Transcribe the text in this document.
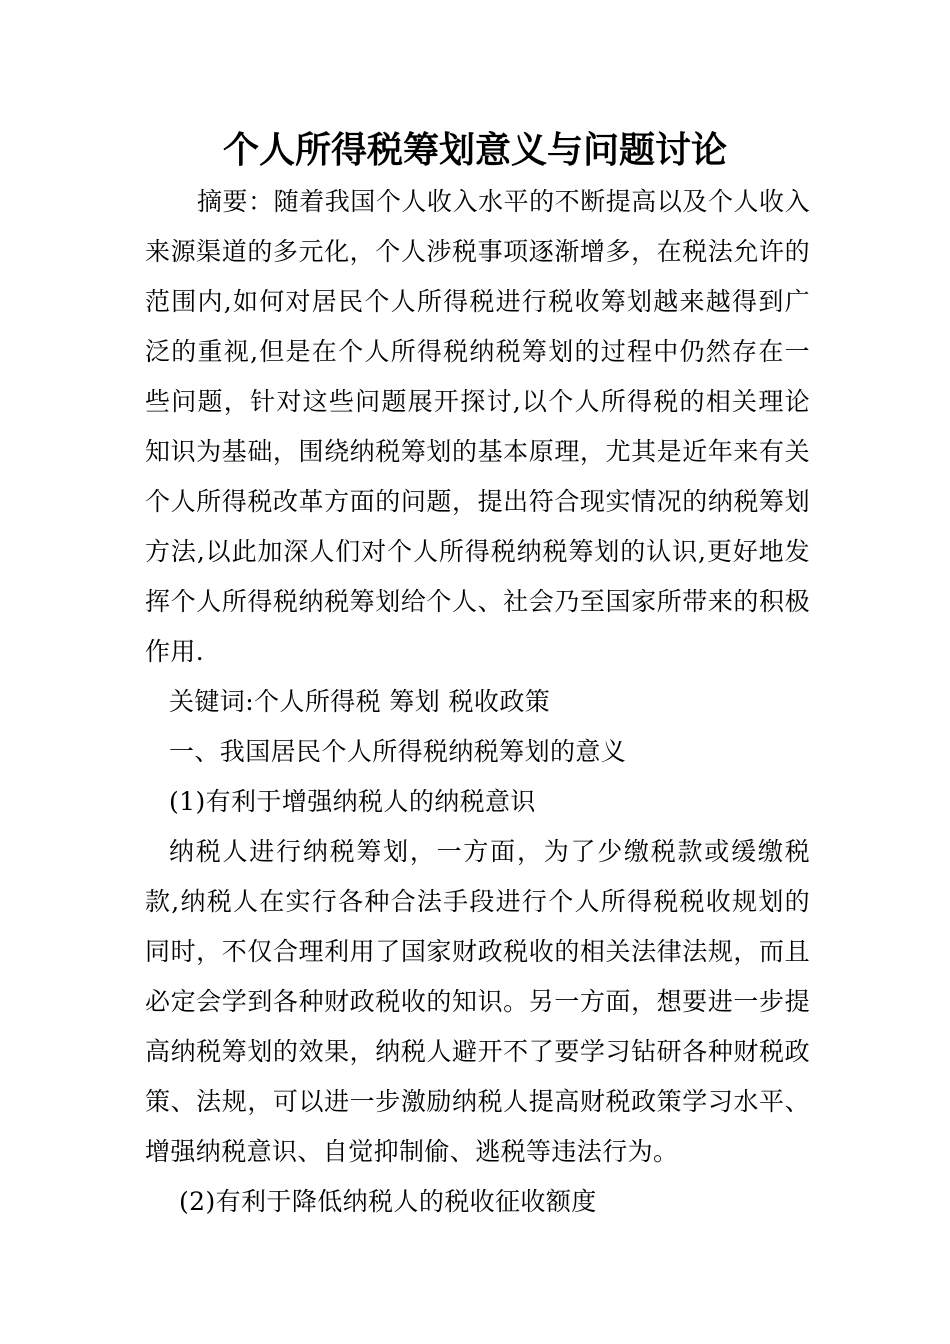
个人所得税筹划意义与问题讨论

摘要：随着我国个人收入水平的不断提高以及个人收入来源渠道的多元化，个人涉税事项逐渐增多，在税法允许的范围内,如何对居民个人所得税进行税收筹划越来越得到广泛的重视,但是在个人所得税纳税筹划的过程中仍然存在一些问题，针对这些问题展开探讨,以个人所得税的相关理论知识为基础，围绕纳税筹划的基本原理，尤其是近年来有关个人所得税改革方面的问题，提出符合现实情况的纳税筹划方法,以此加深人们对个人所得税纳税筹划的认识,更好地发挥个人所得税纳税筹划给个人、社会乃至国家所带来的积极作用.

关键词:个人所得税 筹划 税收政策

一、我国居民个人所得税纳税筹划的意义

(1)有利于增强纳税人的纳税意识

纳税人进行纳税筹划，一方面，为了少缴税款或缓缴税款,纳税人在实行各种合法手段进行个人所得税税收规划的同时，不仅合理利用了国家财政税收的相关法律法规，而且必定会学到各种财政税收的知识。另一方面，想要进一步提高纳税筹划的效果，纳税人避开不了要学习钻研各种财税政策、法规，可以进一步激励纳税人提高财税政策学习水平、增强纳税意识、自觉抑制偷、逃税等违法行为。

(2)有利于降低纳税人的税收征收额度
